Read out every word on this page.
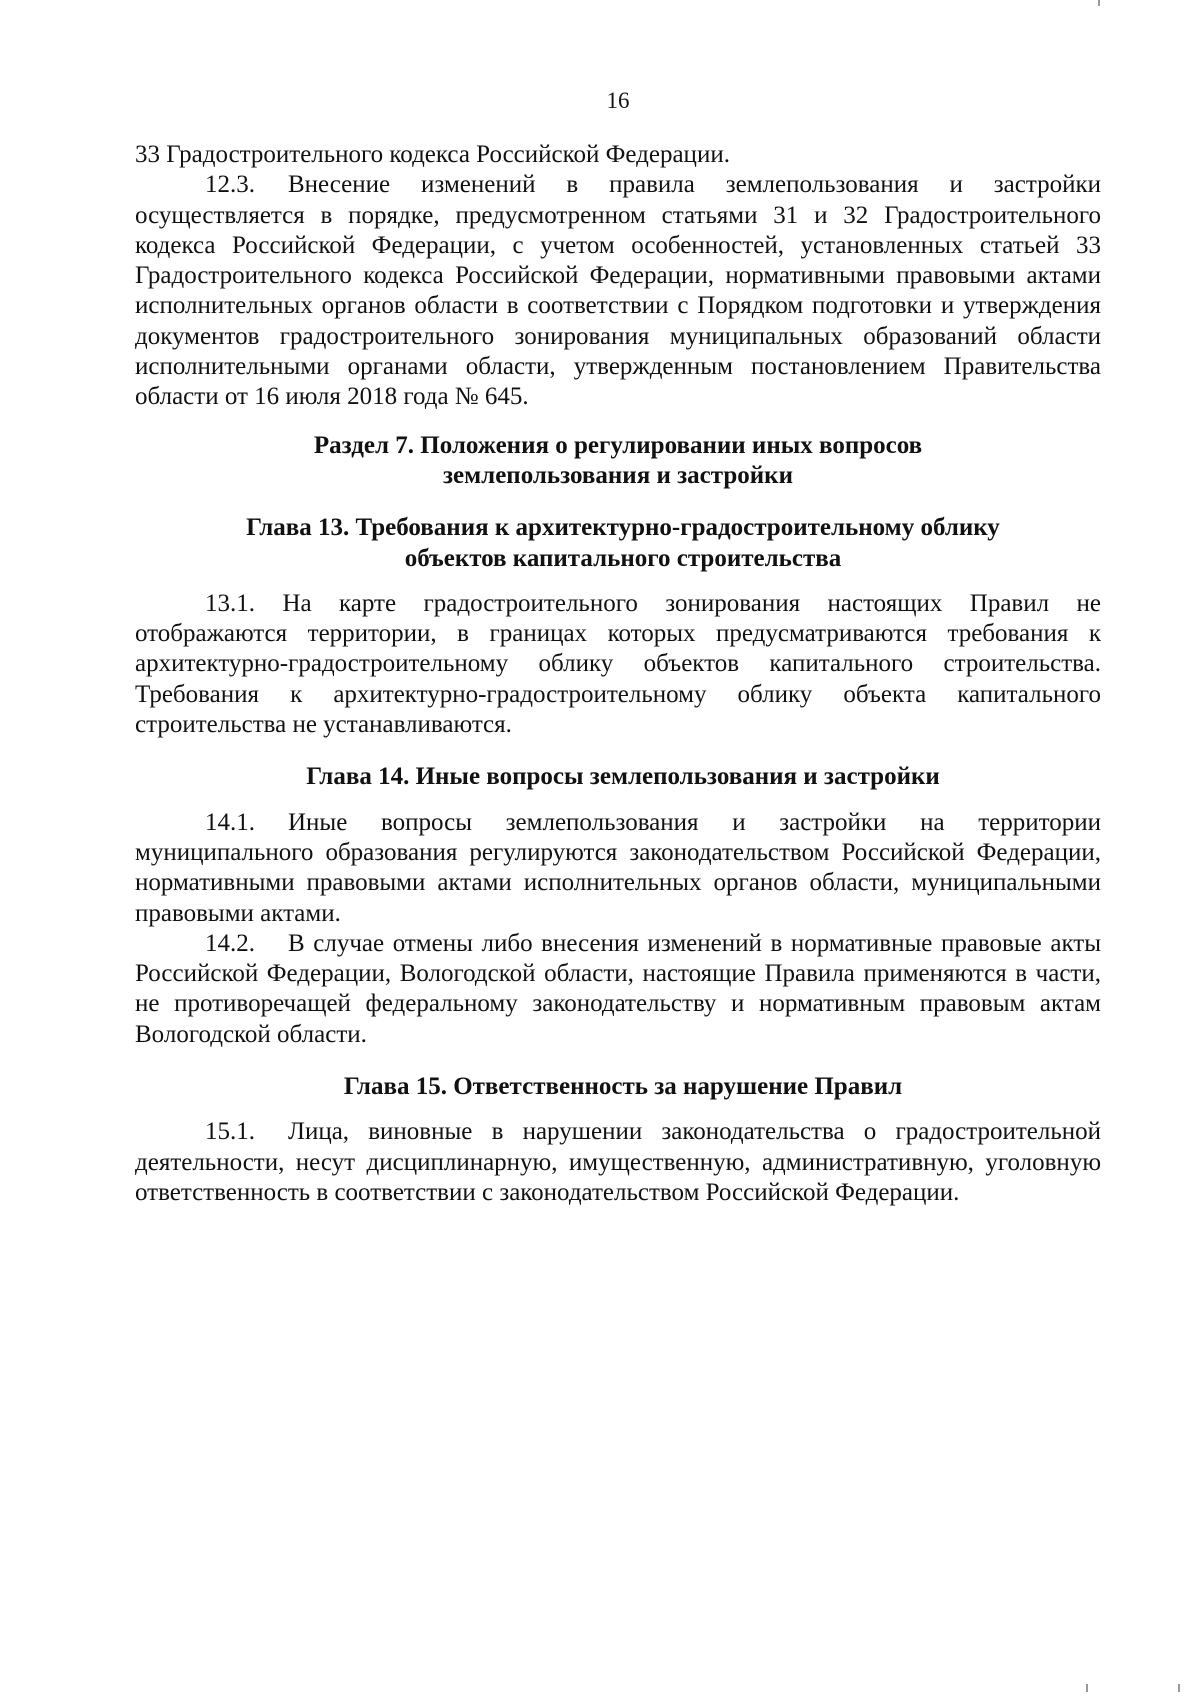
16

33 Градостроительного кодекса Российской Федерации.

12.3. Внесение изменений в правила землепользования и застройки осуществляется в порядке, предусмотренном статьями 31 и 32 Градостроительного кодекса Российской Федерации, с учетом особенностей, установленных статьей 33 Градостроительного кодекса Российской Федерации, нормативными правовыми актами исполнительных органов области в соответствии с Порядком подготовки и утверждения документов градостроительного зонирования муниципальных образований области исполнительными органами области, утвержденным постановлением Правительства области от 16 июля 2018 года № 645.

Раздел 7. Положения о регулировании иных вопросов
землепользования и застройки
Глава 13. Требования к архитектурно-градостроительному облику
объектов капитального строительства

13.1. На карте градостроительного зонирования настоящих Правил не отображаются территории, в границах которых предусматриваются требования к архитектурно-градостроительному облику объектов капитального строительства. Требования к архитектурно-градостроительному облику объекта капитального строительства не устанавливаются.

Глава 14. Иные вопросы землепользования и застройки

14.1. Иные вопросы землепользования и застройки на территории муниципального образования регулируются законодательством Российской Федерации, нормативными правовыми актами исполнительных органов области, муниципальными правовыми актами.

14.2. В случае отмены либо внесения изменений в нормативные правовые акты Российской Федерации, Вологодской области, настоящие Правила применяются в части, не противоречащей федеральному законодательству и нормативным правовым актам Вологодской области.

Глава 15. Ответственность за нарушение Правил

15.1. Лица, виновные в нарушении законодательства о градостроительной деятельности, несут дисциплинарную, имущественную, административную, уголовную ответственность в соответствии с законодательством Российской Федерации.
